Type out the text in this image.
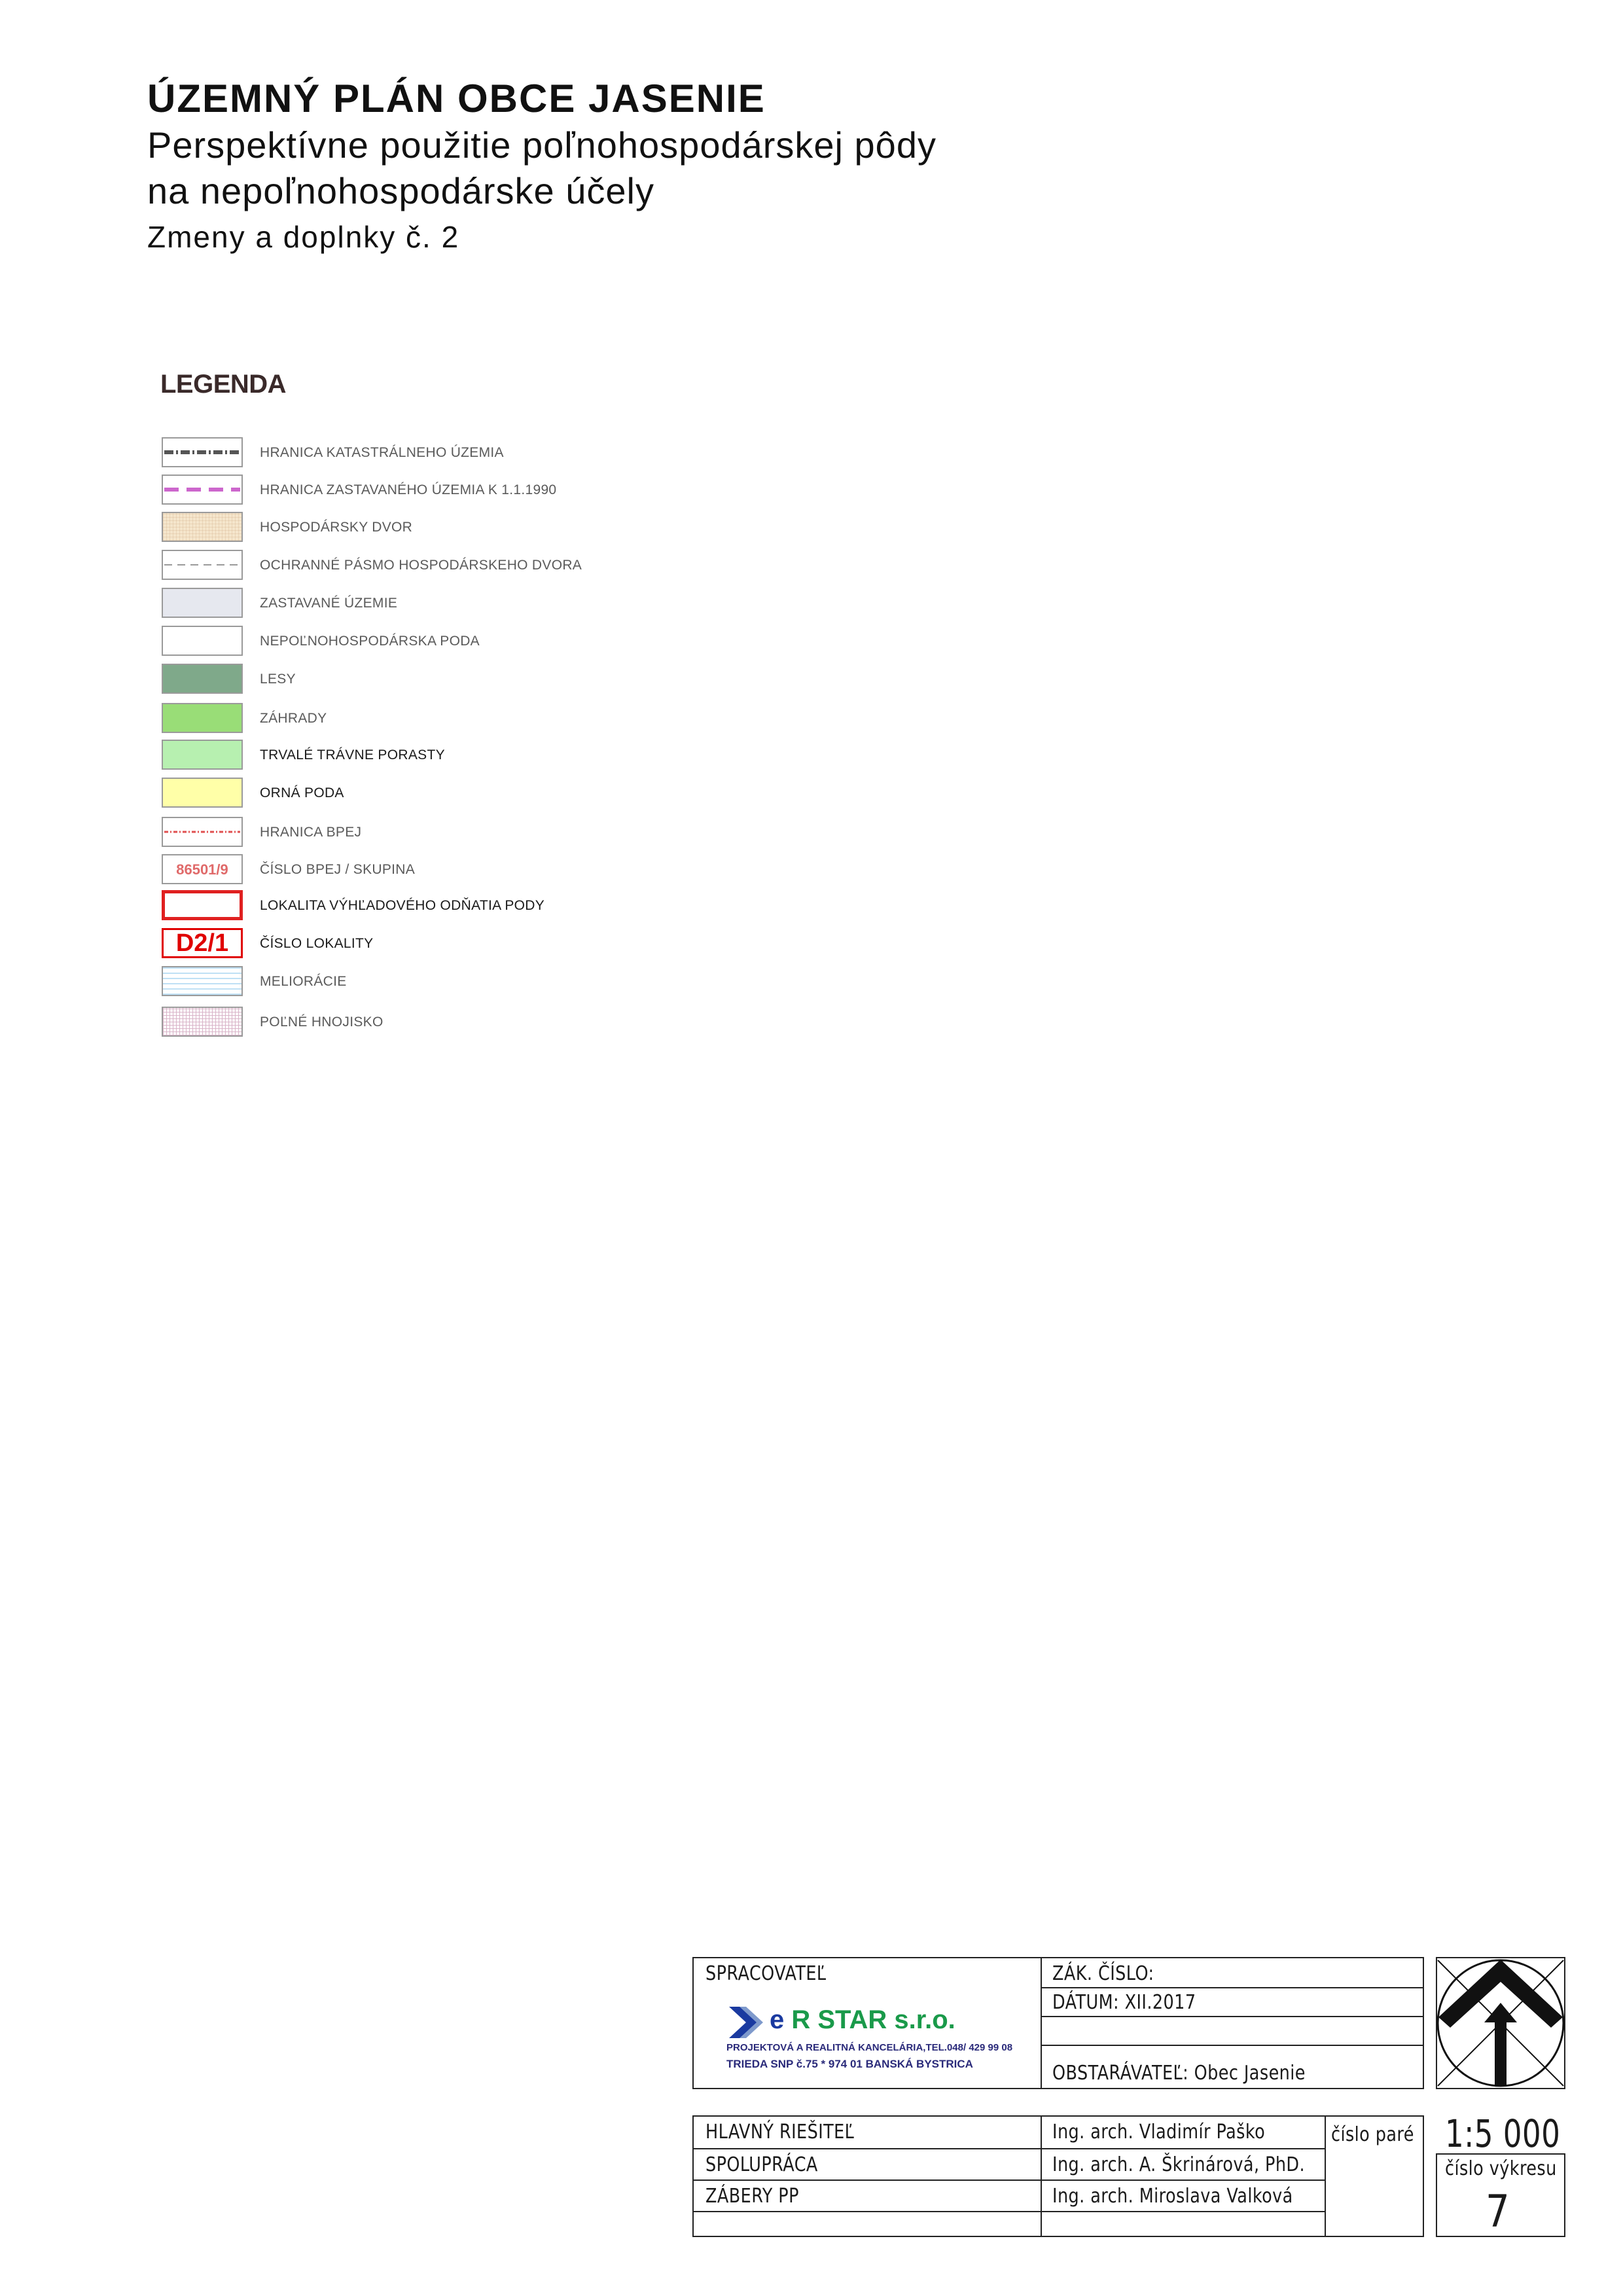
ÚZEMNÝ PLÁN OBCE JASENIE
Perspektívne použitie poľnohospodárskej pôdy
na nepoľnohospodárske účely
Zmeny a doplnky č. 2
LEGENDA
HRANICA KATASTRÁLNEHO ÚZEMIA
HRANICA ZASTAVANÉHO ÚZEMIA K 1.1.1990
HOSPODÁRSKY DVOR
OCHRANNÉ PÁSMO HOSPODÁRSKEHO DVORA
ZASTAVANÉ ÚZEMIE
NEPOĽNOHOSPODÁRSKA PODA
LESY
ZÁHRADY
TRVALÉ TRÁVNE PORASTY
ORNÁ PODA
HRANICA BPEJ
86501/9	ČÍSLO BPEJ / SKUPINA
LOKALITA VÝHĽADOVÉHO ODŇATIA PODY
D2/1	ČÍSLO LOKALITY
MELIORÁCIE
POĽNÉ HNOJISKO
SPRACOVATEĽ
e R STAR s.r.o.
PROJEKTOVÁ A REALITNÁ KANCELÁRIA,TEL.048/ 429 99 08
TRIEDA SNP č.75 * 974 01 BANSKÁ BYSTRICA
ZÁK. ČÍSLO:
DÁTUM: XII.2017
OBSTARÁVATEĽ: Obec Jasenie
HLAVNÝ RIEŠITEĽ	Ing. arch. Vladimír Paško
SPOLUPRÁCA	Ing. arch. A. Škrinárová, PhD.
ZÁBERY PP	Ing. arch. Miroslava Valková
číslo paré 1:5 000
číslo výkresu
7
